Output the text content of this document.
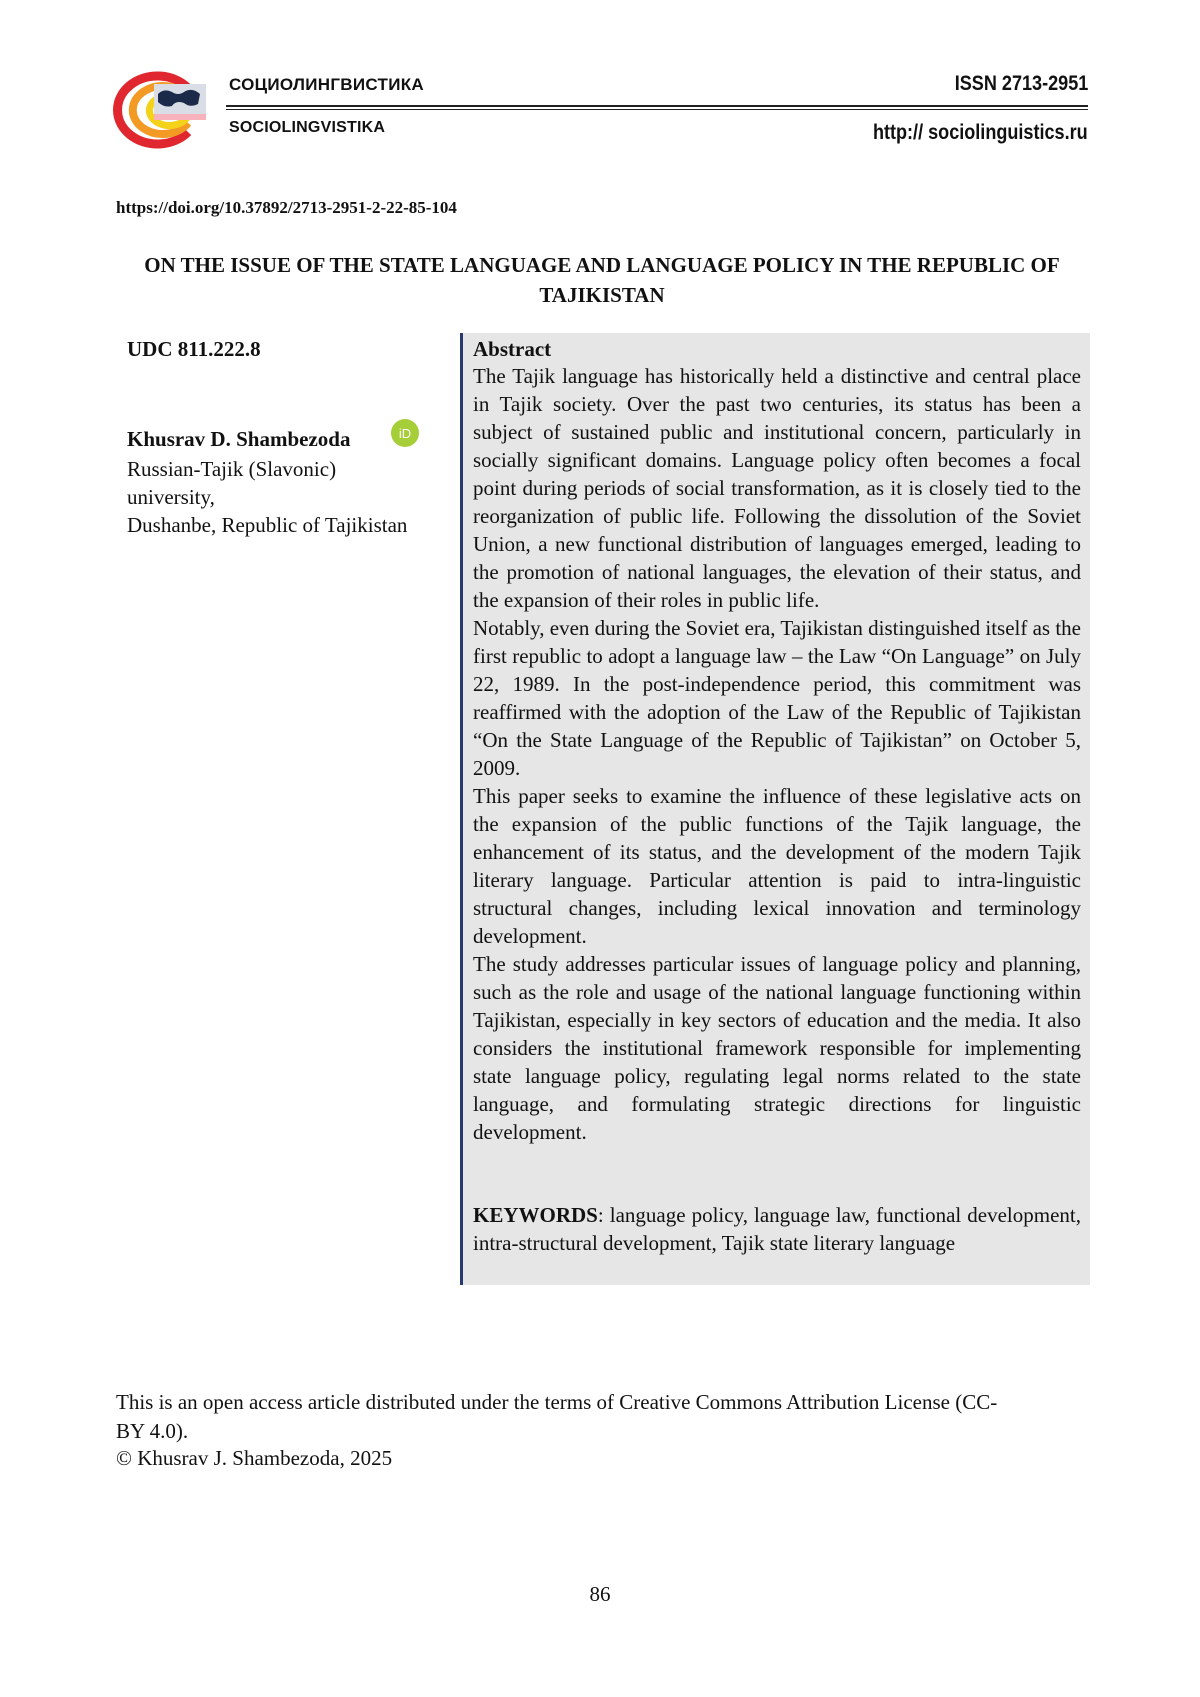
СОЦИОЛИНГВИСТИКА
SOCIOLINGVISTIKA
ISSN 2713-2951
http:// sociolinguistics.ru
https://doi.org/10.37892/2713-2951-2-22-85-104
ON THE ISSUE OF THE STATE LANGUAGE AND LANGUAGE POLICY IN THE REPUBLIC OF TAJIKISTAN
UDC 811.222.8
Khusrav D. Shambezoda	iD
Russian-Tajik (Slavonic) university,
Dushanbe, Republic of Tajikistan
Abstract

The Tajik language has historically held a distinctive and central place in Tajik society. Over the past two centuries, its status has been a subject of sustained public and institutional concern, particularly in socially significant domains. Language policy often becomes a focal point during periods of social transformation, as it is closely tied to the reorganization of public life. Following the dissolution of the Soviet Union, a new functional distribution of languages emerged, leading to the promotion of national languages, the elevation of their status, and the expansion of their roles in public life.

Notably, even during the Soviet era, Tajikistan distinguished itself as the first republic to adopt a language law – the Law “On Language” on July 22, 1989. In the post-independence period, this commitment was reaffirmed with the adoption of the Law of the Republic of Tajikistan “On the State Language of the Republic of Tajikistan” on October 5, 2009.

This paper seeks to examine the influence of these legislative acts on the expansion of the public functions of the Tajik language, the enhancement of its status, and the development of the modern Tajik literary language. Particular attention is paid to intra-linguistic structural changes, including lexical innovation and terminology development.

The study addresses particular issues of language policy and planning, such as the role and usage of the national language functioning within Tajikistan, especially in key sectors of education and the media. It also considers the institutional framework responsible for implementing state language policy, regulating legal norms related to the state language, and formulating strategic directions for linguistic development.

KEYWORDS: language policy, language law, functional development, intra-structural development, Tajik state literary language
This is an open access article distributed under the terms of Creative Commons Attribution License (CC-BY 4.0).
© Khusrav J. Shambezoda, 2025
86
